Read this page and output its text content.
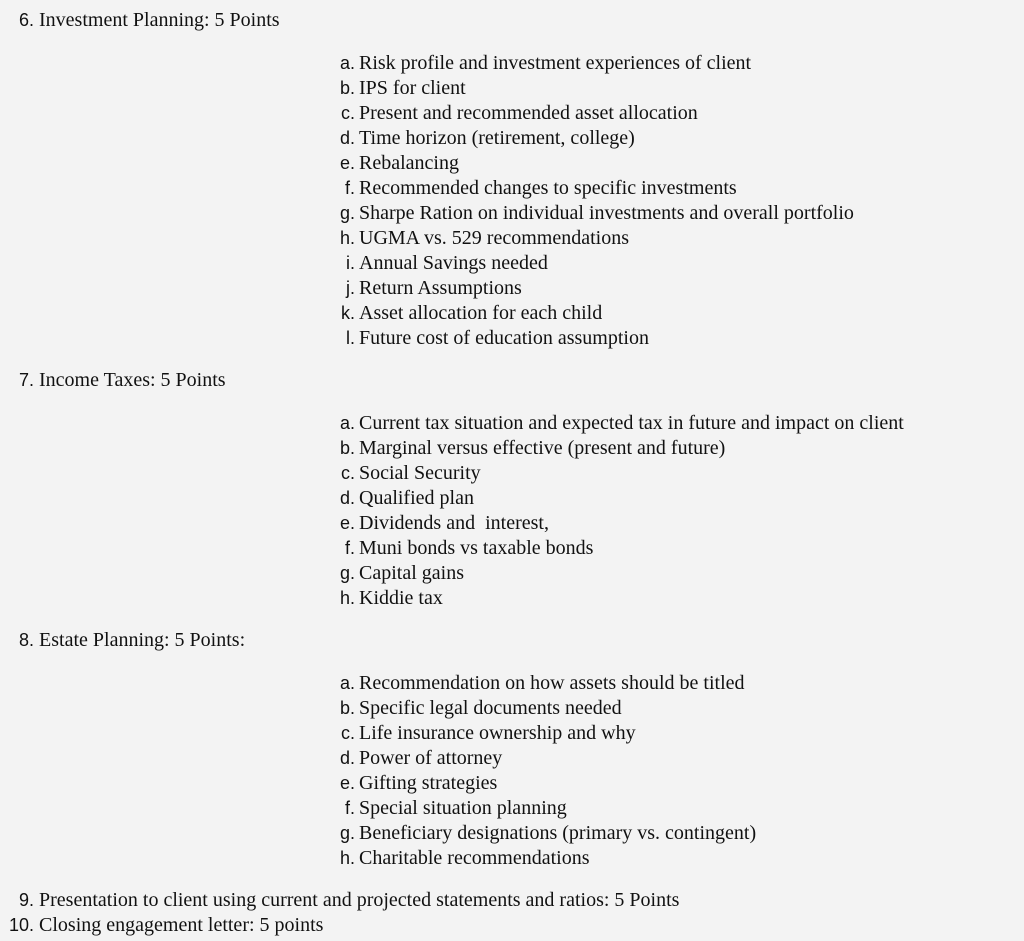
6. Investment Planning: 5 Points
a. Risk profile and investment experiences of client
b. IPS for client
c. Present and recommended asset allocation
d. Time horizon (retirement, college)
e. Rebalancing
f. Recommended changes to specific investments
g. Sharpe Ration on individual investments and overall portfolio
h. UGMA vs. 529 recommendations
i. Annual Savings needed
j. Return Assumptions
k. Asset allocation for each child
l. Future cost of education assumption
7. Income Taxes: 5 Points
a. Current tax situation and expected tax in future and impact on client
b. Marginal versus effective (present and future)
c. Social Security
d. Qualified plan
e. Dividends and  interest,
f. Muni bonds vs taxable bonds
g. Capital gains
h. Kiddie tax
8. Estate Planning: 5 Points:
a. Recommendation on how assets should be titled
b. Specific legal documents needed
c. Life insurance ownership and why
d. Power of attorney
e. Gifting strategies
f. Special situation planning
g. Beneficiary designations (primary vs. contingent)
h. Charitable recommendations
9. Presentation to client using current and projected statements and ratios: 5 Points
10. Closing engagement letter: 5 points
